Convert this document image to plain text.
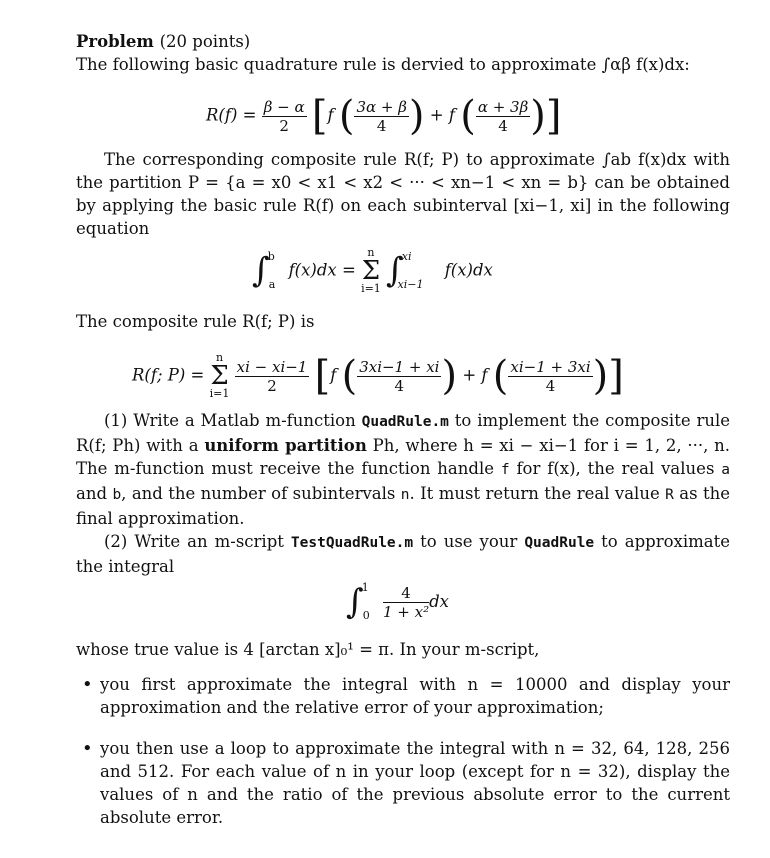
Problem (20 points)

The following basic quadrature rule is dervied to approximate ∫αβ f(x)dx:

$R(f) = \frac{\beta - \alpha}{2} [f$ ( $\frac{3\alpha + \beta}{4}$ ) + f ( $\frac{\alpha + 3\beta}{4}$ )]

The corresponding composite rule R(f; P) to approximate ∫ab f(x)dx with the partition P = {a = x0 < x1 < x2 < ··· < xn−1 < xn = b} can be obtained by applying the basic rule R(f) on each subinterval [xi−1, xi] in the following equation

∫$^b_a$ f(x)dx =
n
Σ
i=1 ∫$^{xi}_{xi-1}$ f(x)dx

The composite rule R(f; P) is

R(f; P) =
n
Σ
i=1
$\frac{xi - xi-1}{2} [f$ ( $\frac{3xi-1 + xi}{4}$ ) + f ( $\frac{xi-1 + 3xi}{4}$ )]

(1) Write a Matlab m-function QuadRule.m to implement the composite rule R(f; Ph) with a uniform partition Ph, where h = xi − xi−1 for i = 1, 2, ···, n. The m-function must receive the function handle f for f(x), the real values a and b, and the number of subintervals n. It must return the real value R as the final approximation.

(2) Write an m-script TestQuadRule.m to use your QuadRule to approximate the integral

$\int^1_0 \frac{4}{\text{1 + x²}}$ dx

whose true value is 4 [arctan x]₀¹ = π. In your m-script,

• you first approximate the integral with n = 10000 and display your approximation and the relative error of your approximation;
• you then use a loop to approximate the integral with n = 32, 64, 128, 256 and 512. For each value of n in your loop (except for n = 32), display the values of n and the ratio of the previous absolute error to the current absolute error.
